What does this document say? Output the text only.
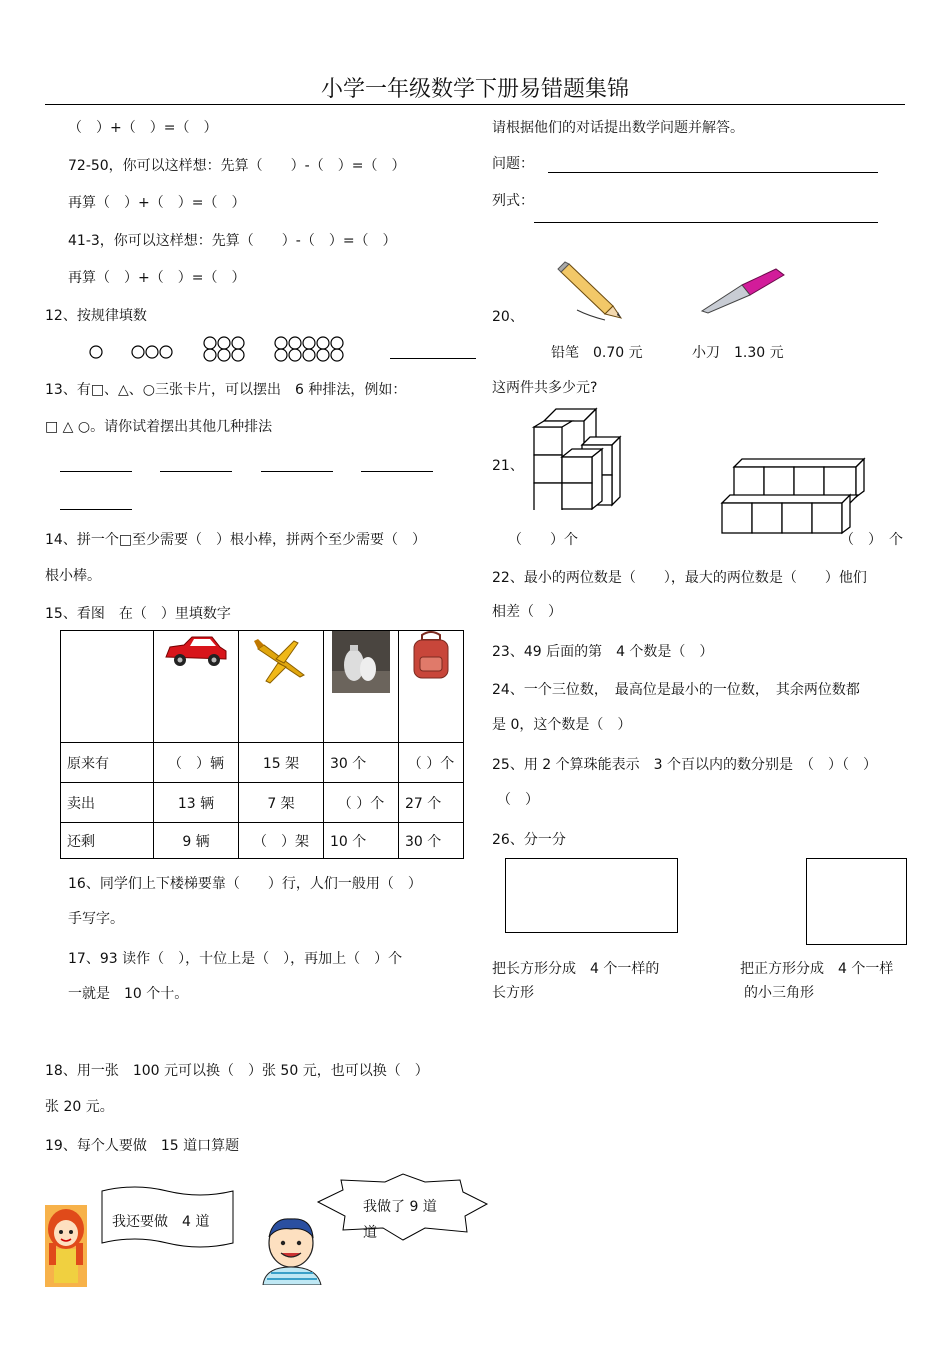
小学一年级数学下册易错题集锦
（　）+（　）=（　）
72-50，你可以这样想：先算（　　）-（　）=（　）
再算（　）+（　）=（　）
41-3，你可以这样想：先算（　　）-（　）=（　）
再算（　）+（　）=（　）
12、按规律填数
13、有□、△、○三张卡片，可以摆出　6 种排法，例如：
□ △ ○。请你试着摆出其他几种排法
14、拼一个□至少需要（　）根小棒，拼两个至少需要（　）
根小棒。
15、看图　在（　）里填数字

原来有	（　）辆	15 架	30 个	（ ）个
卖出	13 辆	7 架	（ ）个	27 个
还剩	9 辆	（　）架	10 个	30 个
16、同学们上下楼梯要靠（　　）行，人们一般用（　）
手写字。
17、93 读作（　），十位上是（　），再加上（　）个
一就是　10 个十。
18、用一张　100 元可以换（　）张 50 元，也可以换（　）
张 20 元。
19、每个人要做　15 道口算题
我还要做　4 道
我做了 9 道
道
请根据他们的对话提出数学问题并解答。
问题：
列式：
20、
铅笔　0.70 元	小刀　1.30 元
这两件共多少元?
21、
（　　）个	（　）　个
22、最小的两位数是（　　），最大的两位数是（　　）他们
相差（　）
23、49 后面的第　4 个数是（　）
24、一个三位数，　最高位是最小的一位数，　其余两位数都
是 0，这个数是（　）
25、用 2 个算珠能表示　3 个百以内的数分别是　（　）（　）
（　）
26、分一分
把长方形分成　4 个一样的
长方形
把正方形分成　4 个一样
的小三角形
